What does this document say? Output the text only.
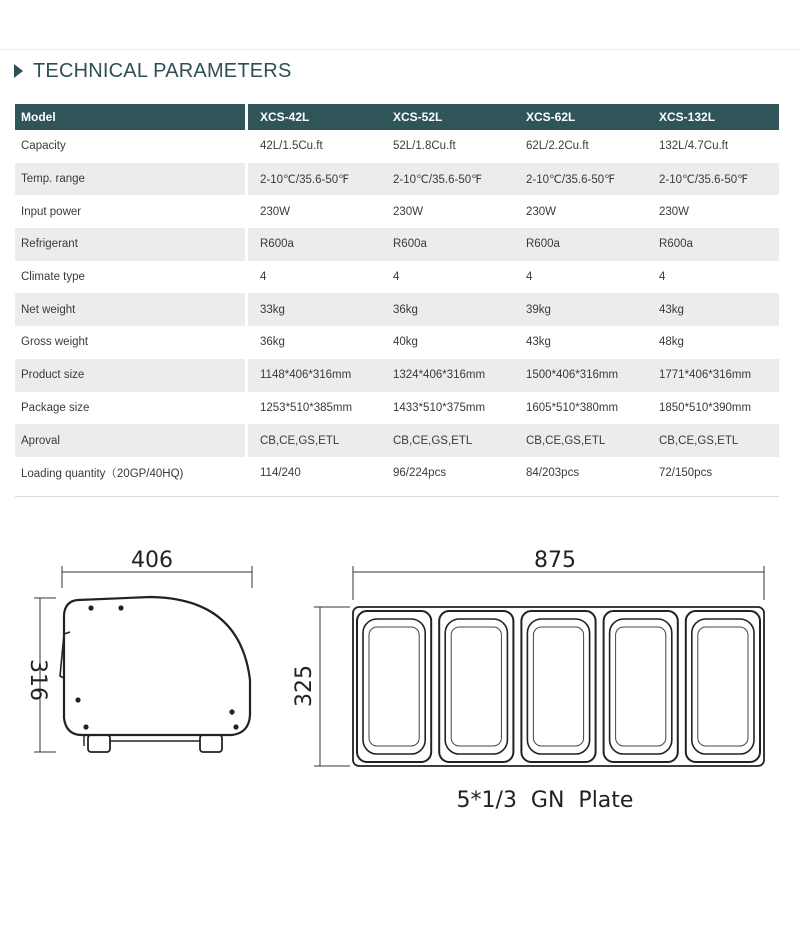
TECHNICAL PARAMETERS
Model	XCS-42L	XCS-52L	XCS-62L	XCS-132L
Capacity	42L/1.5Cu.ft	52L/1.8Cu.ft	62L/2.2Cu.ft	132L/4.7Cu.ft
Temp. range	2-10℃/35.6-50℉	2-10℃/35.6-50℉	2-10℃/35.6-50℉	2-10℃/35.6-50℉
Input power	230W	230W	230W	230W
Refrigerant	R600a	R600a	R600a	R600a
Climate type	4	4	4	4
Net weight	33kg	36kg	39kg	43kg
Gross weight	36kg	40kg	43kg	48kg
Product size	1148*406*316mm	1324*406*316mm	1500*406*316mm	1771*406*316mm
Package size	1253*510*385mm	1433*510*375mm	1605*510*380mm	1850*510*390mm
Aproval	CB,CE,GS,ETL	CB,CE,GS,ETL	CB,CE,GS,ETL	CB,CE,GS,ETL
Loading quantity（20GP/40HQ)	114/240	96/224pcs	84/203pcs	72/150pcs
406
316
875
325
5*1/3  GN  Plate
